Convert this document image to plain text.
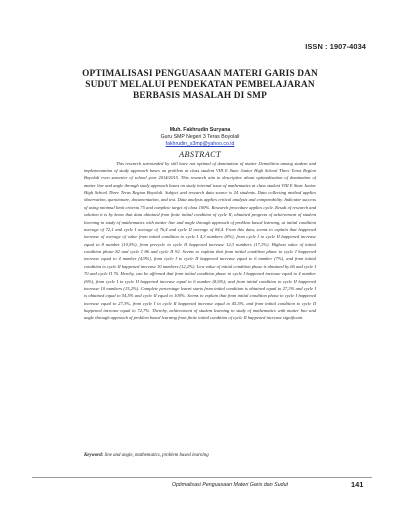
ISSN : 1907-4034
OPTIMALISASI PENGUASAAN MATERI GARIS DAN
SUDUT MELALUI PENDEKATAN PEMBELAJARAN
BERBASIS MASALAH DI SMP
Muh. Fakhrudin Suryana
Guru SMP Negeri 3 Teras Boyolali
fakhrudin_s3mp@yahoo.co.id
ABSTRACT

This research surrounded by still have not optimal of domination of matter Demolition among student and implementation of study approach bases on problem at class student VIII E State Junior High School Three Teras Region Boyolali even semester of school year 2014/2015. This research aim to descriptive about optimalisation of domination of matter line and angle through study approach bases on study internal issue of mathematics at class student VIII E State Junior High School Three Teras Region Boyolali. Subject and research data source is 24 students. Data collecting method applies observation, questionare, documentation, and test. Data analysis applies critical analysis and comparability. Indicator success of using minimal limit criteria 75 and complete target of class 100%. Research procedure applies cycle. Result of research and solution it is by know that data obtained from finite initial condition of cycle II, obtained progress of achievement of student learning in study of mathematics with matter line and angle through approach of problem based learning, at initial condition average of 72,1 and cycle I average of 76,4 and cycle II average of 84,4. From this data, seems to explain that happened increase of average of value from initial condition to cycle I 4,3 numbers (6%), from cycle I to cycle II happened increase equal to 8 number (10,5%), from precycle to cycle II happened increase 12,3 numbers (17,1%). Highest value of initial condition phase 82 and cycle I 86 and cycle II 92. Seems to explain that from initial condition phase to cycle I happened increase equal to 4 number (4,9%), from cycle I to cycle II happened increase equal to 6 number (7%), and from initial condition to cycle II happened increase 10 numbers (12,2%). Low value of initial condition phase is obtained by 66 and cycle I 70 and cycle II 76. Hereby, can be affirmed that from initial condition phase to cycle I happened increase equal to 4 number (6%), from cycle I to cycle II happened increase equal to 6 number (8,6%); and from initial condition to cycle II happened increase 10 numbers (15,2%). Complete percentage learnt starts from initial condition is obtained equal to 27,3% and cycle I is obtained equal to 54,5% and cycle II equal to 100%. Seems to explain that from initial condition phase to cycle I happened increase equal to 27,3%, from cycle I to cycle II happened increase equal to 45,5%, and from initial condition to cycle II happened increase equal to 72,7%. Thereby, achievement of student learning in study of mathematics with matter line and angle through approach of problem based learning from finite initial condition of cycle II happened increase significant.

Keyword: line and angle, mathematics, problem based learning
Optimalisasi Penguasaan Materi Garis dan Sudut	141
